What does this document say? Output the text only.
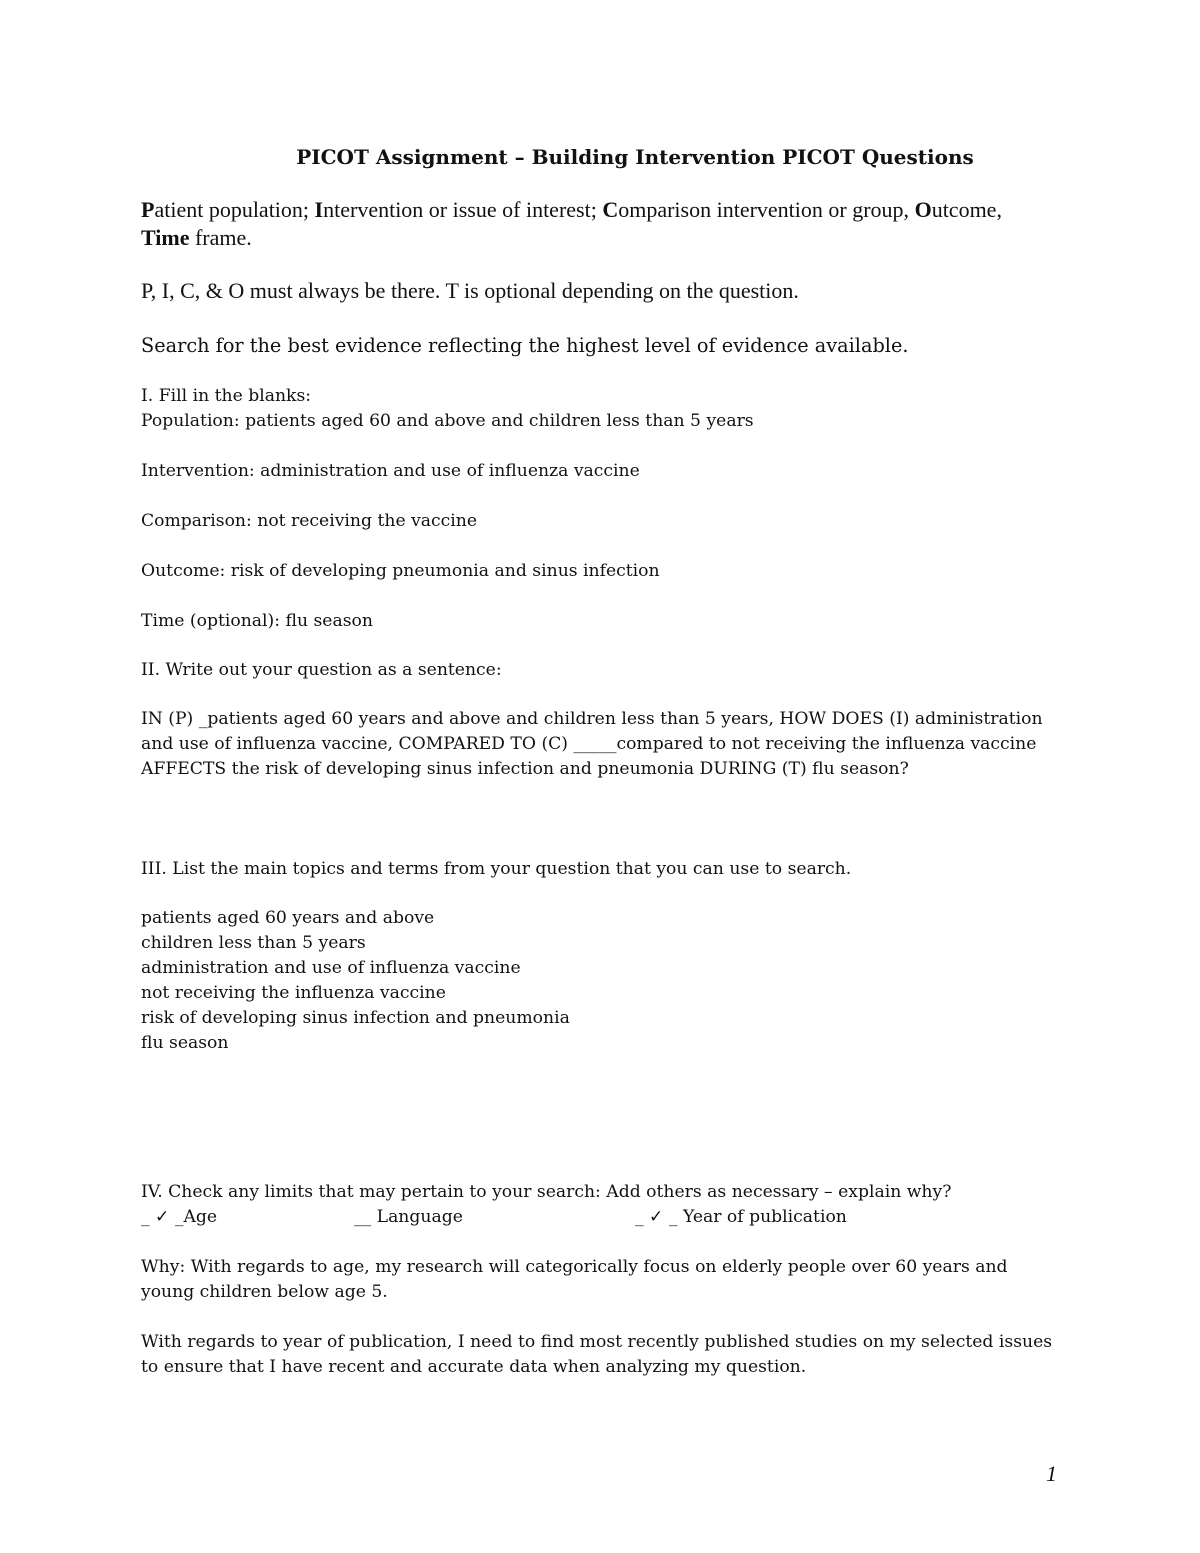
PICOT Assignment – Building Intervention PICOT Questions
Patient population; Intervention or issue of interest; Comparison intervention or group, Outcome,
Time frame.
P, I, C, & O must always be there. T is optional depending on the question.
Search for the best evidence reflecting the highest level of evidence available.
I. Fill in the blanks:
Population: patients aged 60 and above and children less than 5 years
Intervention: administration and use of influenza vaccine
Comparison: not receiving the vaccine
Outcome: risk of developing pneumonia and sinus infection
Time (optional): flu season
II. Write out your question as a sentence:
IN (P) _patients aged 60 years and above and children less than 5 years, HOW DOES (I) administration
and use of influenza vaccine, COMPARED TO (C) _____compared to not receiving the influenza vaccine
AFFECTS the risk of developing sinus infection and pneumonia DURING (T) flu season?
III. List the main topics and terms from your question that you can use to search.
patients aged 60 years and above
children less than 5 years
administration and use of influenza vaccine
not receiving the influenza vaccine
risk of developing sinus infection and pneumonia
flu season
IV. Check any limits that may pertain to your search: Add others as necessary – explain why?
_ ✓ _Age	__ Language	_ ✓ _ Year of publication
Why: With regards to age, my research will categorically focus on elderly people over 60 years and
young children below age 5.
With regards to year of publication, I need to find most recently published studies on my selected issues
to ensure that I have recent and accurate data when analyzing my question.
1
